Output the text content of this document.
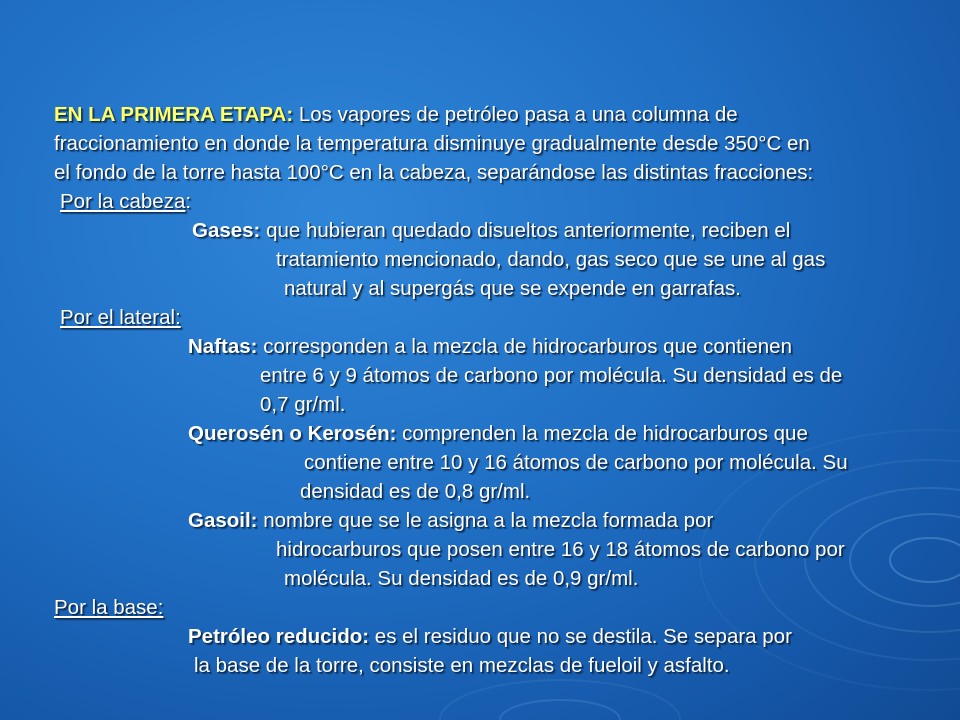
EN LA PRIMERA ETAPA: Los vapores de petróleo pasa a una columna de
fraccionamiento en donde la temperatura disminuye gradualmente desde 350°C en
el fondo de la torre hasta 100°C en la cabeza, separándose las distintas fracciones:
Por la cabeza:
Gases: que hubieran quedado disueltos anteriormente, reciben el
tratamiento mencionado, dando, gas seco que se une al gas
natural y al supergás que se expende en garrafas.
Por el lateral:
Naftas: corresponden a la mezcla de hidrocarburos que contienen
entre 6 y 9 átomos de carbono por molécula. Su densidad es de
0,7 gr/ml.
Querosén o Kerosén: comprenden la mezcla de hidrocarburos que
contiene entre 10 y 16 átomos de carbono por molécula. Su
densidad es de 0,8 gr/ml.
Gasoil: nombre que se le asigna a la mezcla formada por
hidrocarburos que posen entre 16 y 18 átomos de carbono por
molécula. Su densidad es de 0,9 gr/ml.
Por la base:
Petróleo reducido: es el residuo que no se destila. Se separa por
la base de la torre, consiste en mezclas de fueloil y asfalto.
